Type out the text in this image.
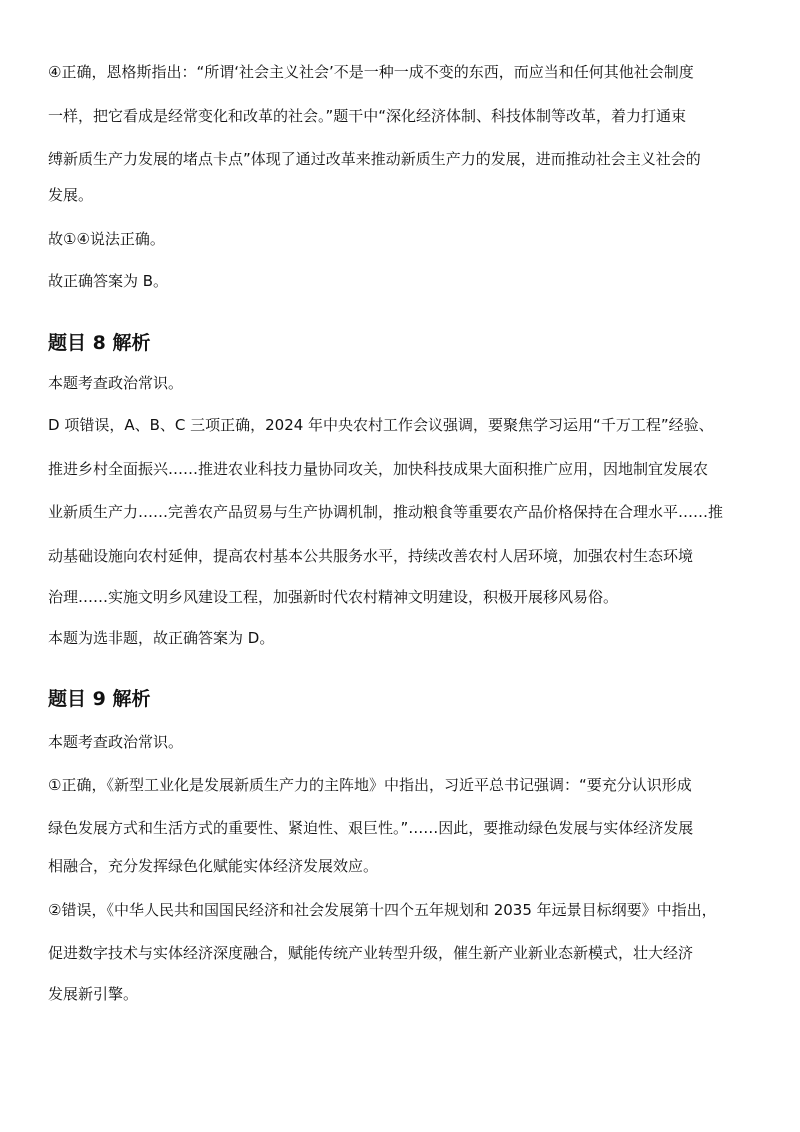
④正确，恩格斯指出：“所谓‘社会主义社会’不是一种一成不变的东西，而应当和任何其他社会制度
一样，把它看成是经常变化和改革的社会。”题干中“深化经济体制、科技体制等改革，着力打通束
缚新质生产力发展的堵点卡点”体现了通过改革来推动新质生产力的发展，进而推动社会主义社会的
发展。
故①④说法正确。
故正确答案为 B。
题目 8 解析
本题考查政治常识。
D 项错误，A、B、C 三项正确，2024 年中央农村工作会议强调，要聚焦学习运用“千万工程”经验、
推进乡村全面振兴……推进农业科技力量协同攻关，加快科技成果大面积推广应用，因地制宜发展农
业新质生产力……完善农产品贸易与生产协调机制，推动粮食等重要农产品价格保持在合理水平……推
动基础设施向农村延伸，提高农村基本公共服务水平，持续改善农村人居环境，加强农村生态环境
治理……实施文明乡风建设工程，加强新时代农村精神文明建设，积极开展移风易俗。
本题为选非题，故正确答案为 D。
题目 9 解析
本题考查政治常识。
①正确，《新型工业化是发展新质生产力的主阵地》中指出，习近平总书记强调：“要充分认识形成
绿色发展方式和生活方式的重要性、紧迫性、艰巨性。”……因此，要推动绿色发展与实体经济发展
相融合，充分发挥绿色化赋能实体经济发展效应。
②错误，《中华人民共和国国民经济和社会发展第十四个五年规划和 2035 年远景目标纲要》中指出，
促进数字技术与实体经济深度融合，赋能传统产业转型升级，催生新产业新业态新模式，壮大经济
发展新引擎。
